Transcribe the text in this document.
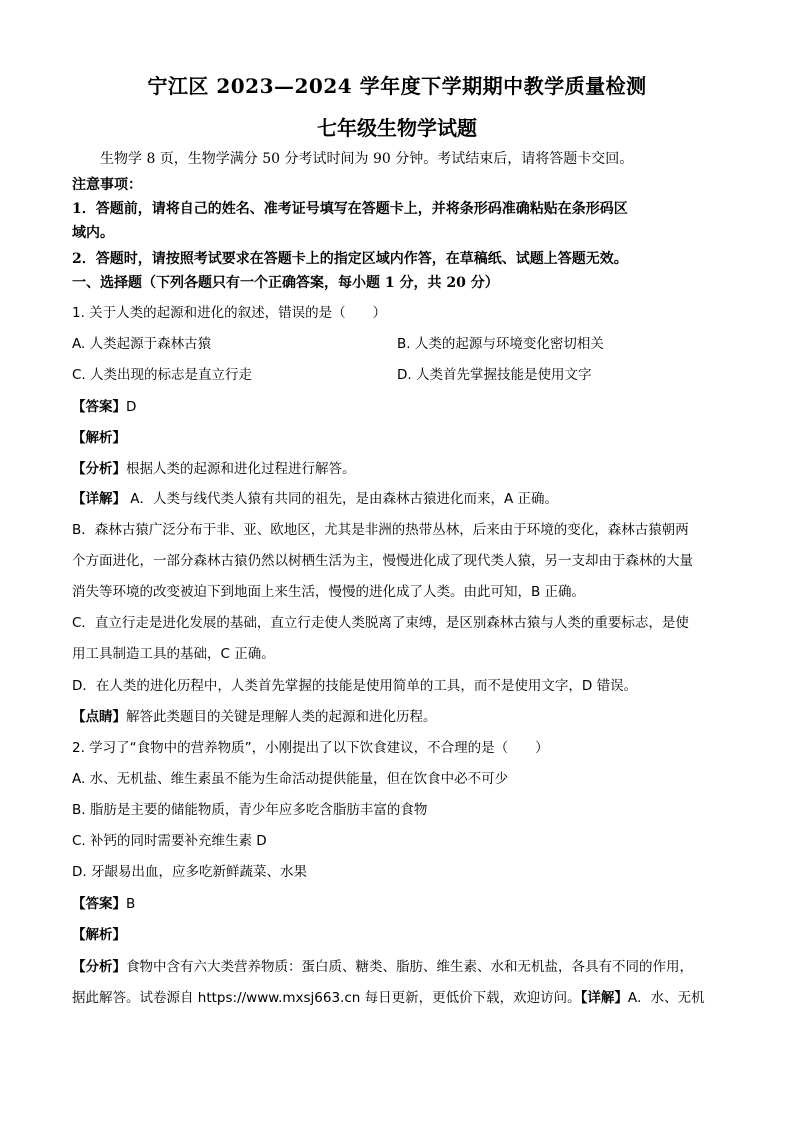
宁江区 2023—2024 学年度下学期期中教学质量检测
七年级生物学试题
生物学 8 页，生物学满分 50 分考试时间为 90 分钟。考试结束后，请将答题卡交回。
注意事项：
1．答题前，请将自己的姓名、准考证号填写在答题卡上，并将条形码准确粘贴在条形码区
域内。
2．答题时，请按照考试要求在答题卡上的指定区域内作答，在草稿纸、试题上答题无效。
一、选择题（下列各题只有一个正确答案，每小题 1 分，共 20 分）
1. 关于人类的起源和进化的叙述，错误的是（　　）
A. 人类起源于森林古猿	B. 人类的起源与环境变化密切相关
C. 人类出现的标志是直立行走	D. 人类首先掌握技能是使用文字
【答案】D
【解析】
【分析】根据人类的起源和进化过程进行解答。
【详解】 A．人类与线代类人猿有共同的祖先，是由森林古猿进化而来，A 正确。
B．森林古猿广泛分布于非、亚、欧地区，尤其是非洲的热带丛林，后来由于环境的变化，森林古猿朝两
个方面进化，一部分森林古猿仍然以树栖生活为主，慢慢进化成了现代类人猿，另一支却由于森林的大量
消失等环境的改变被迫下到地面上来生活，慢慢的进化成了人类。由此可知，B 正确。
C．直立行走是进化发展的基础，直立行走使人类脱离了束缚，是区别森林古猿与人类的重要标志，是使
用工具制造工具的基础，C 正确。
D．在人类的进化历程中，人类首先掌握的技能是使用简单的工具，而不是使用文字，D 错误。
【点睛】解答此类题目的关键是理解人类的起源和进化历程。
2. 学习了“食物中的营养物质”，小刚提出了以下饮食建议，不合理的是（　　）
A. 水、无机盐、维生素虽不能为生命活动提供能量，但在饮食中必不可少
B. 脂肪是主要的储能物质，青少年应多吃含脂肪丰富的食物
C. 补钙的同时需要补充维生素 D
D. 牙龈易出血，应多吃新鲜蔬菜、水果
【答案】B
【解析】
【分析】食物中含有六大类营养物质：蛋白质、糖类、脂肪、维生素、水和无机盐，各具有不同的作用，
据此解答。试卷源自 https://www.mxsj663.cn 每日更新，更低价下载，欢迎访问。【详解】A．水、无机
